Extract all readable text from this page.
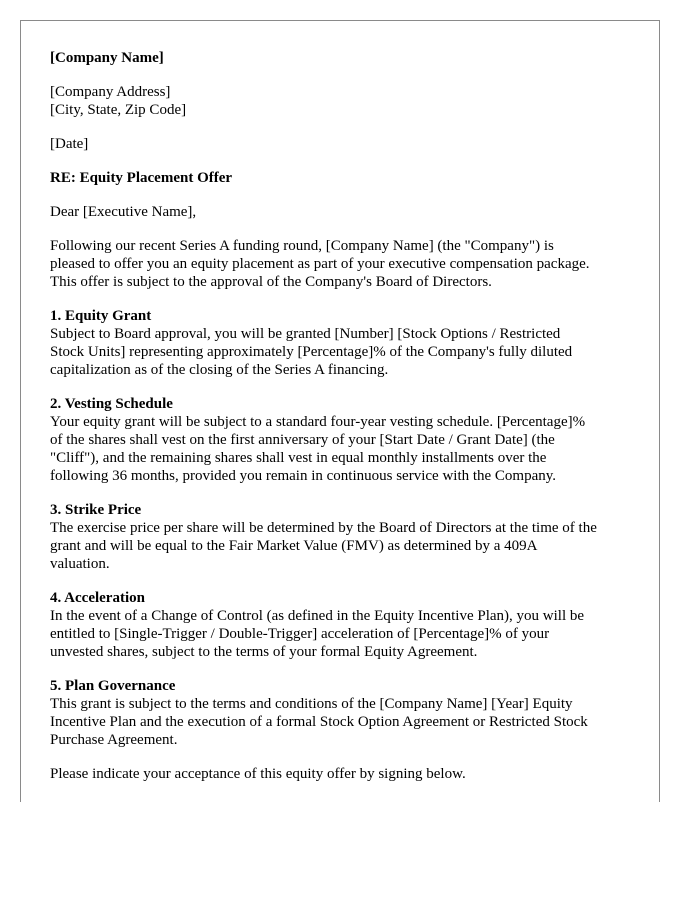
[Company Name]
[Company Address]
[City, State, Zip Code]
[Date]
RE: Equity Placement Offer
Dear [Executive Name],
Following our recent Series A funding round, [Company Name] (the "Company") is
pleased to offer you an equity placement as part of your executive compensation package.
This offer is subject to the approval of the Company's Board of Directors.
1. Equity Grant
Subject to Board approval, you will be granted [Number] [Stock Options / Restricted
Stock Units] representing approximately [Percentage]% of the Company's fully diluted
capitalization as of the closing of the Series A financing.
2. Vesting Schedule
Your equity grant will be subject to a standard four-year vesting schedule. [Percentage]%
of the shares shall vest on the first anniversary of your [Start Date / Grant Date] (the
"Cliff"), and the remaining shares shall vest in equal monthly installments over the
following 36 months, provided you remain in continuous service with the Company.
3. Strike Price
The exercise price per share will be determined by the Board of Directors at the time of the
grant and will be equal to the Fair Market Value (FMV) as determined by a 409A
valuation.
4. Acceleration
In the event of a Change of Control (as defined in the Equity Incentive Plan), you will be
entitled to [Single-Trigger / Double-Trigger] acceleration of [Percentage]% of your
unvested shares, subject to the terms of your formal Equity Agreement.
5. Plan Governance
This grant is subject to the terms and conditions of the [Company Name] [Year] Equity
Incentive Plan and the execution of a formal Stock Option Agreement or Restricted Stock
Purchase Agreement.
Please indicate your acceptance of this equity offer by signing below.
